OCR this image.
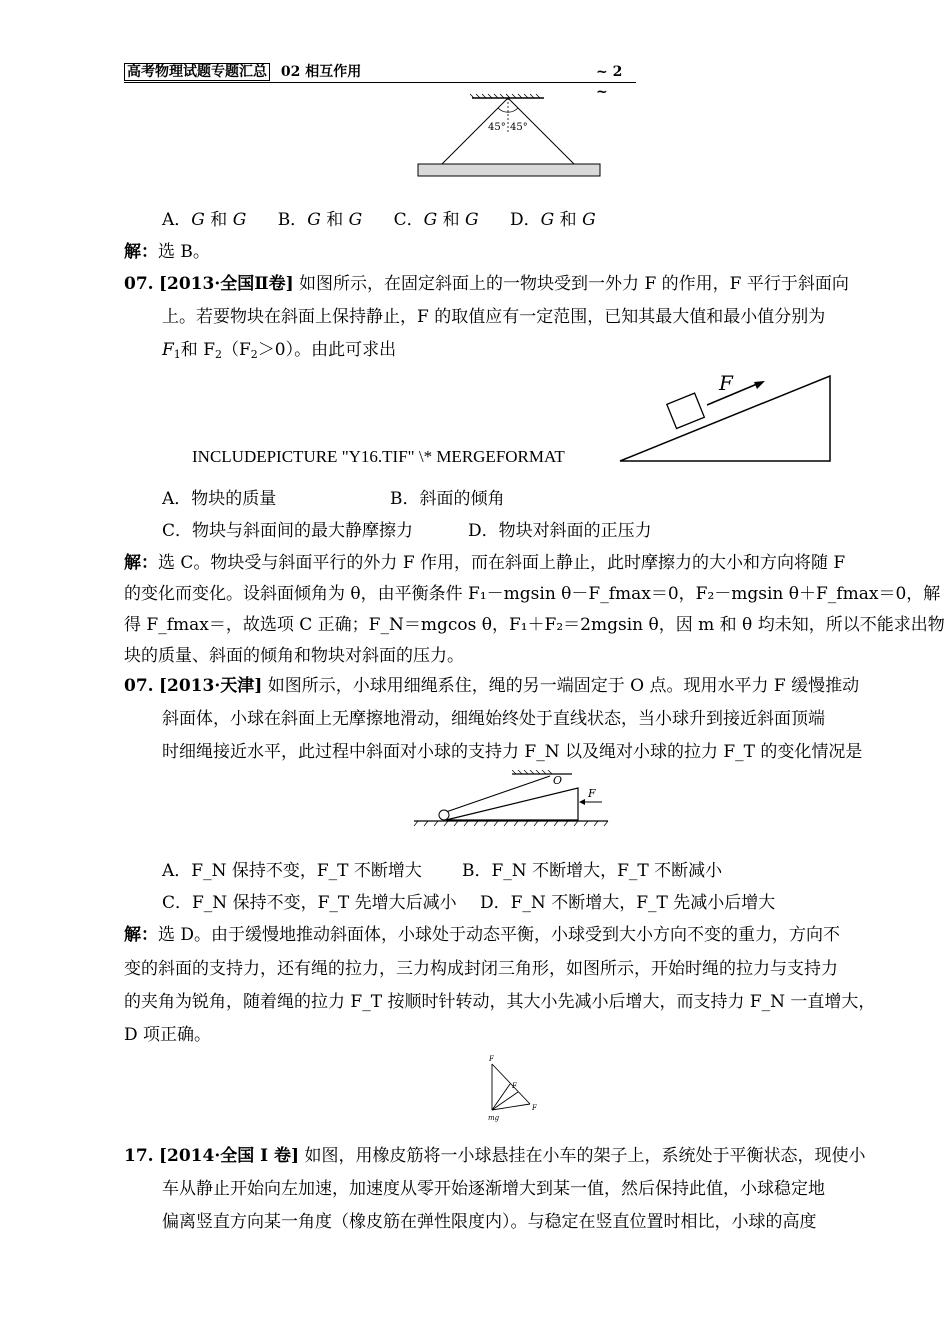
高考物理试题专题汇总 02 相互作用	~ 2 ~
45° 45°
A．G 和 G B．G 和 G C．G 和 G D．G 和 G
解：选 B。
07. [2013·全国Ⅱ卷] 如图所示，在固定斜面上的一物块受到一外力 F 的作用，F 平行于斜面向
上。若要物块在斜面上保持静止，F 的取值应有一定范围，已知其最大值和最小值分别为
$F_1$和 $F_2(F_2>0)$。由此可求出
F
INCLUDEPICTURE "Y16.TIF" \* MERGEFORMAT
A．物块的质量	B．斜面的倾角
C．物块与斜面间的最大静摩擦力	D．物块对斜面的正压力
解：选 C。物块受与斜面平行的外力 F 作用，而在斜面上静止，此时摩擦力的大小和方向将随 F
的变化而变化。设斜面倾角为 θ，由平衡条件 F₁－mgsin θ－F_fmax＝0，F₂－mgsin θ＋F_fmax＝0，解
得 F_fmax＝，故选项 C 正确；F_N＝mgcos θ，F₁＋F₂＝2mgsin θ，因 m 和 θ 均未知，所以不能求出物
块的质量、斜面的倾角和物块对斜面的压力。
07. [2013·天津] 如图所示，小球用细绳系住，绳的另一端固定于 O 点。现用水平力 F 缓慢推动
斜面体，小球在斜面上无摩擦地滑动，细绳始终处于直线状态，当小球升到接近斜面顶端
时细绳接近水平，此过程中斜面对小球的支持力 F_N 以及绳对小球的拉力 F_T 的变化情况是
O
F
A．F_N 保持不变，F_T 不断增大 B．F_N 不断增大，F_T 不断减小
C．F_N 保持不变，F_T 先增大后减小 D．F_N 不断增大，F_T 先减小后增大
解：选 D。由于缓慢地推动斜面体，小球处于动态平衡，小球受到大小方向不变的重力，方向不
变的斜面的支持力，还有绳的拉力，三力构成封闭三角形，如图所示，开始时绳的拉力与支持力
的夹角为锐角，随着绳的拉力 F_T 按顺时针转动，其大小先减小后增大，而支持力 F_N 一直增大，
D 项正确。
F
F
F
mg
17. [2014·全国 I 卷] 如图，用橡皮筋将一小球悬挂在小车的架子上，系统处于平衡状态，现使小
车从静止开始向左加速，加速度从零开始逐渐增大到某一值，然后保持此值，小球稳定地
偏离竖直方向某一角度（橡皮筋在弹性限度内）。与稳定在竖直位置时相比，小球的高度
